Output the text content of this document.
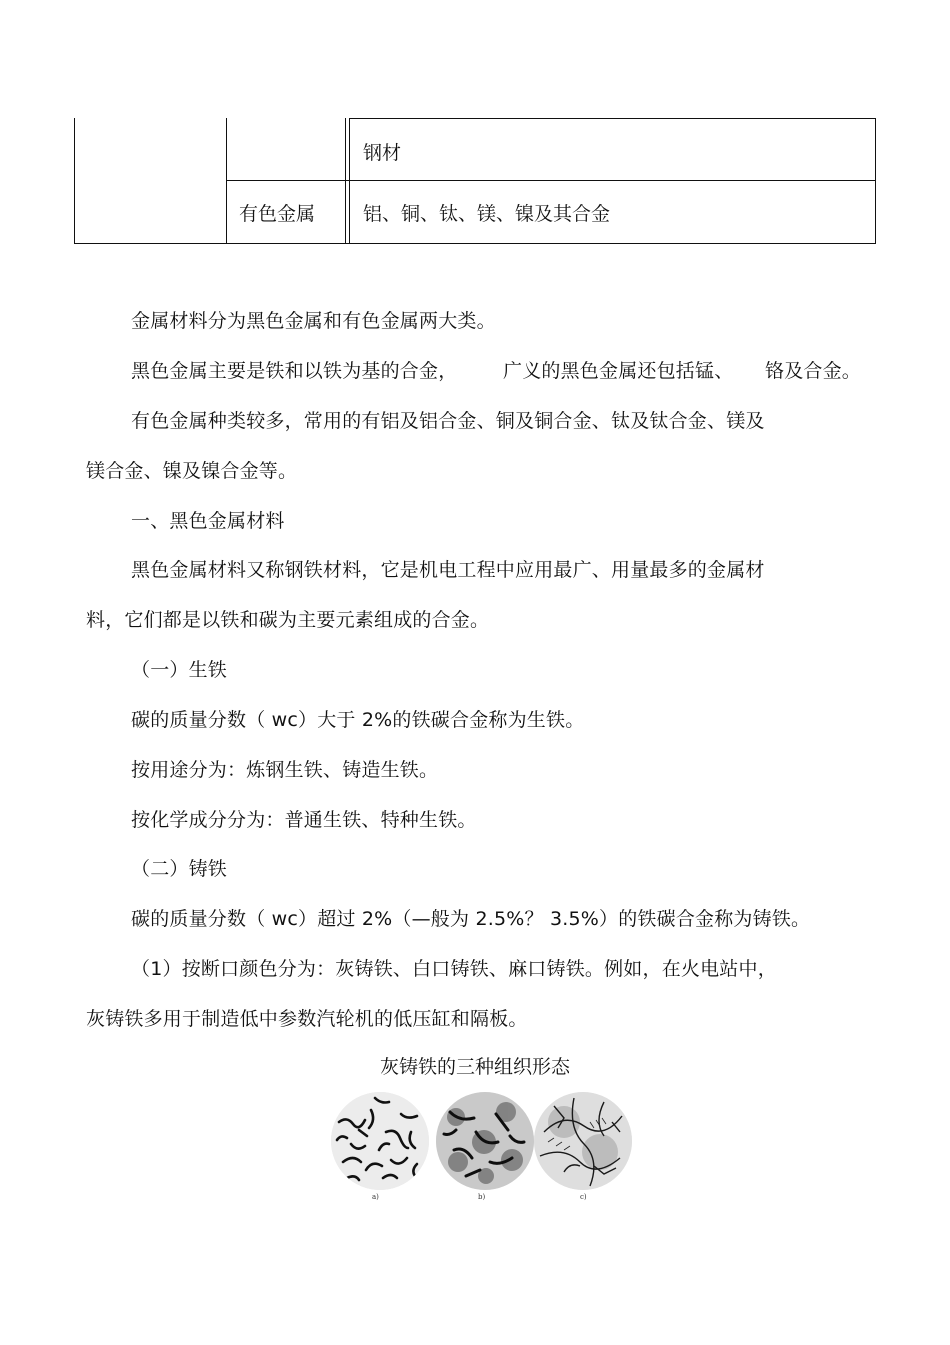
钢材
有色金属	铝、铜、钛、镁、镍及其合金
金属材料分为黑色金属和有色金属两大类。
黑色金属主要是铁和以铁为基的合金， 广义的黑色金属还包括锰、 铬及合金。
有色金属种类较多，常用的有铝及铝合金、铜及铜合金、钛及钛合金、镁及
镁合金、镍及镍合金等。
一、黑色金属材料
黑色金属材料又称钢铁材料，它是机电工程中应用最广、用量最多的金属材
料，它们都是以铁和碳为主要元素组成的合金。
（一）生铁
碳的质量分数（ wc）大于 2%的铁碳合金称为生铁。
按用途分为：炼钢生铁、铸造生铁。
按化学成分分为：普通生铁、特种生铁。
（二）铸铁
碳的质量分数（ wc）超过 2%（—般为 2.5%？ 3.5%）的铁碳合金称为铸铁。
（1）按断口颜色分为：灰铸铁、白口铸铁、麻口铸铁。例如，在火电站中，
灰铸铁多用于制造低中参数汽轮机的低压缸和隔板。
灰铸铁的三种组织形态
a)	b)	c)
